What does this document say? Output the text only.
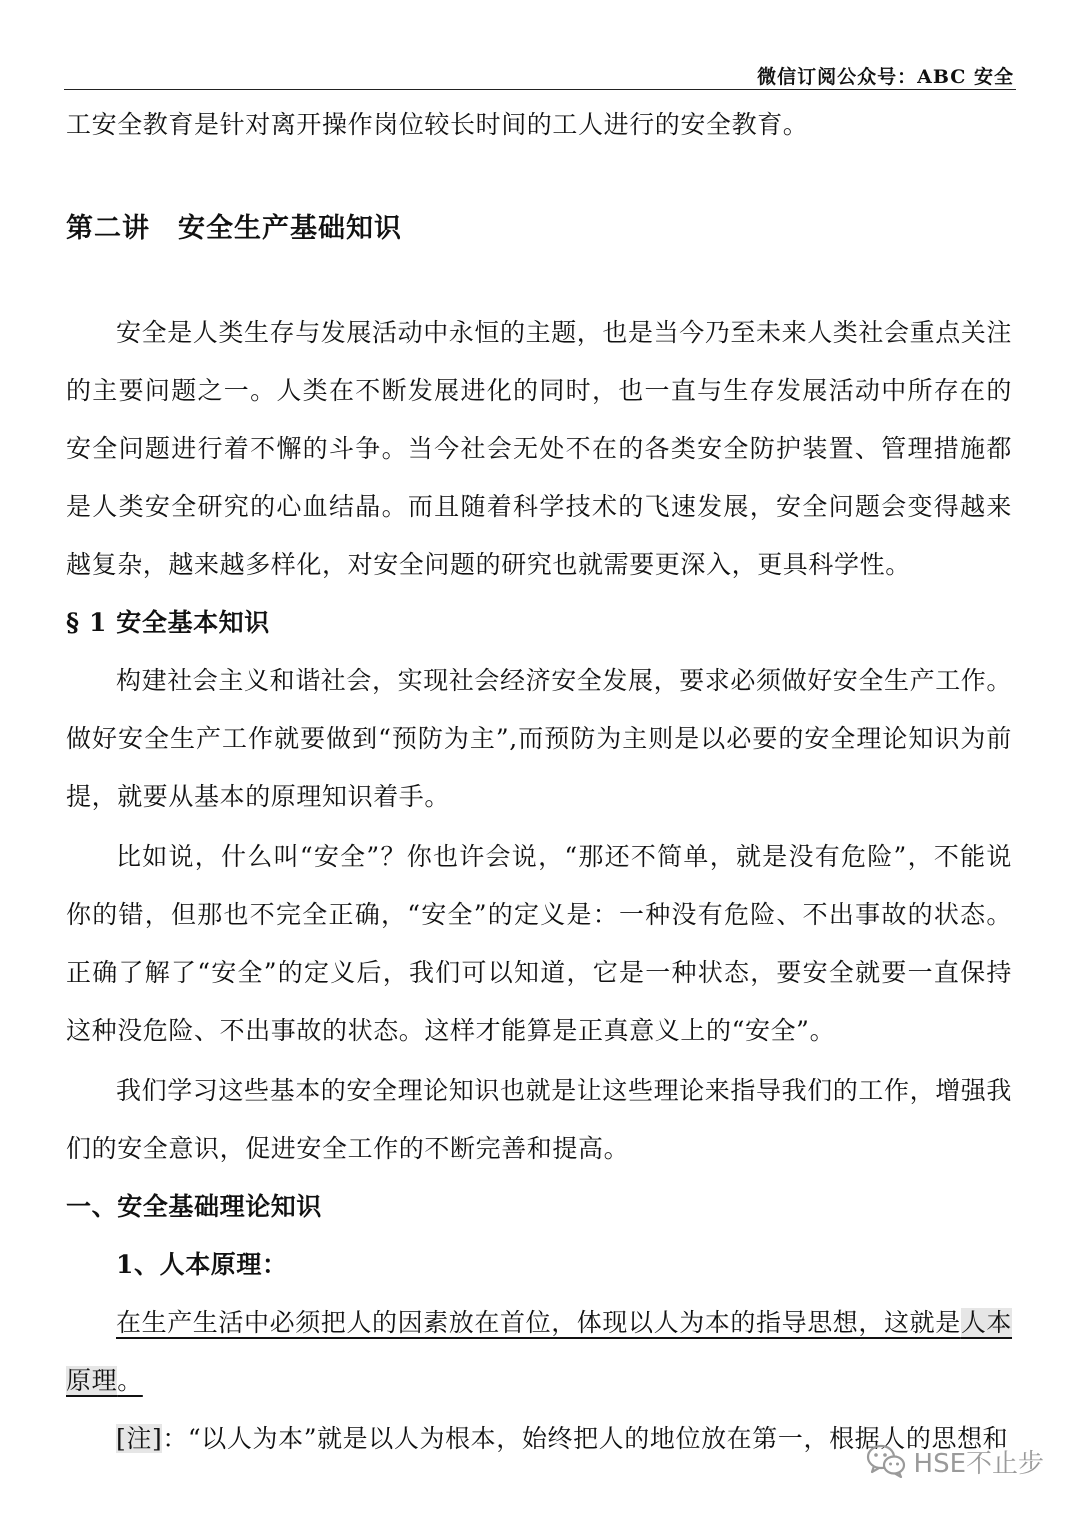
微信订阅公众号：ABC 安全

工安全教育是针对离开操作岗位较长时间的工人进行的安全教育。

第二讲 安全生产基础知识

安全是人类生存与发展活动中永恒的主题，也是当今乃至未来人类社会重点关注的主要问题之一。人类在不断发展进化的同时，也一直与生存发展活动中所存在的安全问题进行着不懈的斗争。当今社会无处不在的各类安全防护装置、管理措施都是人类安全研究的心血结晶。而且随着科学技术的飞速发展，安全问题会变得越来越复杂，越来越多样化，对安全问题的研究也就需要更深入，更具科学性。

§ 1 安全基本知识

构建社会主义和谐社会，实现社会经济安全发展，要求必须做好安全生产工作。做好安全生产工作就要做到“预防为主”,而预防为主则是以必要的安全理论知识为前提，就要从基本的原理知识着手。

比如说，什么叫“安全”？你也许会说，“那还不简单，就是没有危险”，不能说你的错，但那也不完全正确，“安全”的定义是：一种没有危险、不出事故的状态。正确了解了“安全”的定义后，我们可以知道，它是一种状态，要安全就要一直保持这种没危险、不出事故的状态。这样才能算是正真意义上的“安全”。

我们学习这些基本的安全理论知识也就是让这些理论来指导我们的工作，增强我们的安全意识，促进安全工作的不断完善和提高。

一、安全基础理论知识

1、人本原理：

在生产生活中必须把人的因素放在首位，体现以人为本的指导思想，这就是人本原理。

[注]：“以人为本”就是以人为根本，始终把人的地位放在第一，根据人的思想和

HSE不止步
